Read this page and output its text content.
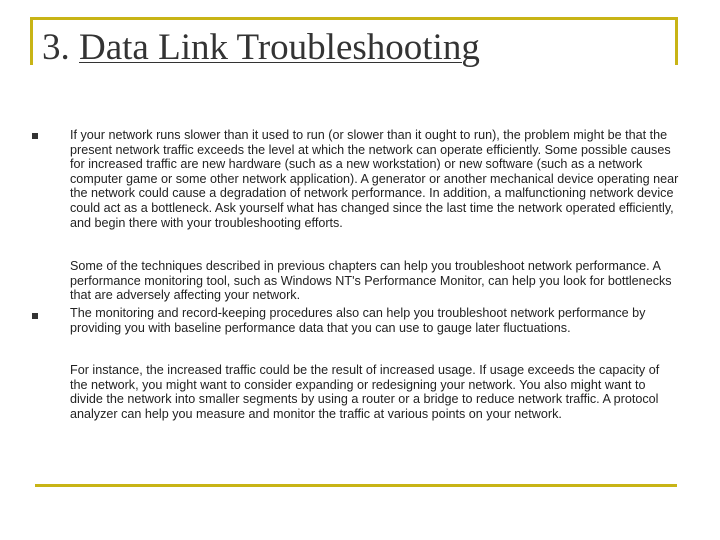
3. Data Link Troubleshooting

If your network runs slower than it used to run (or slower than it ought to run), the problem might be that the present network traffic exceeds the level at which the network can operate efficiently. Some possible causes for increased traffic are new hardware (such as a new workstation) or new software (such as a network computer game or some other network application). A generator or another mechanical device operating near the network could cause a degradation of network performance. In addition, a malfunctioning network device could act as a bottleneck. Ask yourself what has changed since the last time the network operated efficiently, and begin there with your troubleshooting efforts.

Some of the techniques described in previous chapters can help you troubleshoot network performance. A performance monitoring tool, such as Windows NT's Performance Monitor, can help you look for bottlenecks that are adversely affecting your network.

The monitoring and record-keeping procedures also can help you troubleshoot network performance by providing you with baseline performance data that you can use to gauge later fluctuations.

For instance, the increased traffic could be the result of increased usage. If usage exceeds the capacity of the network, you might want to consider expanding or redesigning your network. You also might want to divide the network into smaller segments by using a router or a bridge to reduce network traffic. A protocol analyzer can help you measure and monitor the traffic at various points on your network.
